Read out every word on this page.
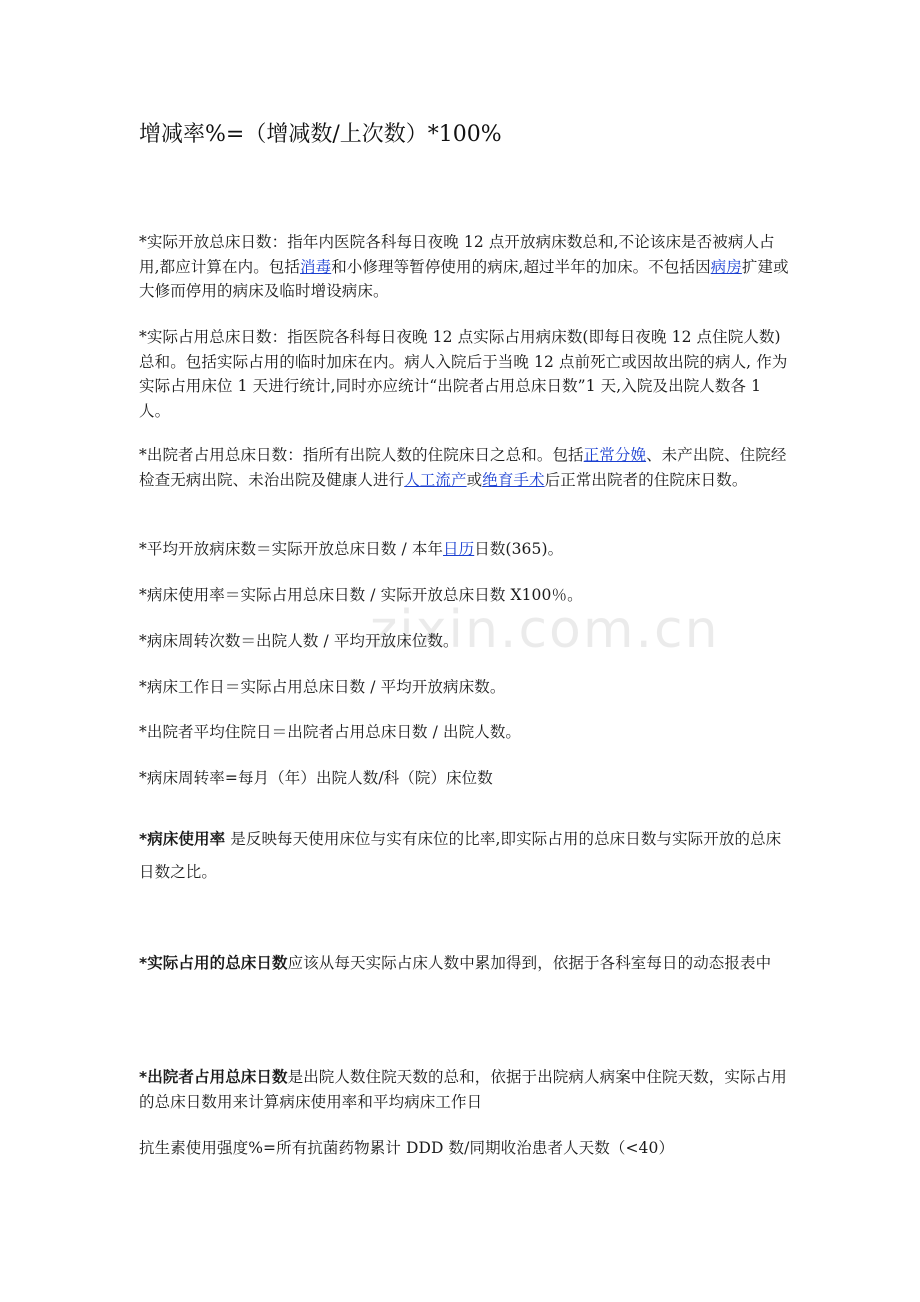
增减率%=（增减数/上次数）*100%

*实际开放总床日数：指年内医院各科每日夜晚 12 点开放病床数总和,不论该床是否被病人占用,都应计算在内。包括消毒和小修理等暂停使用的病床,超过半年的加床。不包括因病房扩建或大修而停用的病床及临时增设病床。

*实际占用总床日数：指医院各科每日夜晚 12 点实际占用病床数(即每日夜晚 12 点住院人数)总和。包括实际占用的临时加床在内。病人入院后于当晚 12 点前死亡或因故出院的病人, 作为实际占用床位 1 天进行统计,同时亦应统计“出院者占用总床日数”1 天,入院及出院人数各 1 人。

*出院者占用总床日数：指所有出院人数的住院床日之总和。包括正常分娩、未产出院、住院经检查无病出院、未治出院及健康人进行人工流产或绝育手术后正常出院者的住院床日数。

*平均开放病床数＝实际开放总床日数 / 本年日历日数(365)。

*病床使用率＝实际占用总床日数 / 实际开放总床日数 X100％。

*病床周转次数＝出院人数 / 平均开放床位数。

*病床工作日＝实际占用总床日数 / 平均开放病床数。

*出院者平均住院日＝出院者占用总床日数 / 出院人数。

*病床周转率=每月（年）出院人数/科（院）床位数

*病床使用率 是反映每天使用床位与实有床位的比率,即实际占用的总床日数与实际开放的总床日数之比。

*实际占用的总床日数应该从每天实际占床人数中累加得到，依据于各科室每日的动态报表中

*出院者占用总床日数是出院人数住院天数的总和，依据于出院病人病案中住院天数，实际占用的总床日数用来计算病床使用率和平均病床工作日

抗生素使用强度%=所有抗菌药物累计 DDD 数/同期收治患者人天数（<40）

zixin.com.cn
